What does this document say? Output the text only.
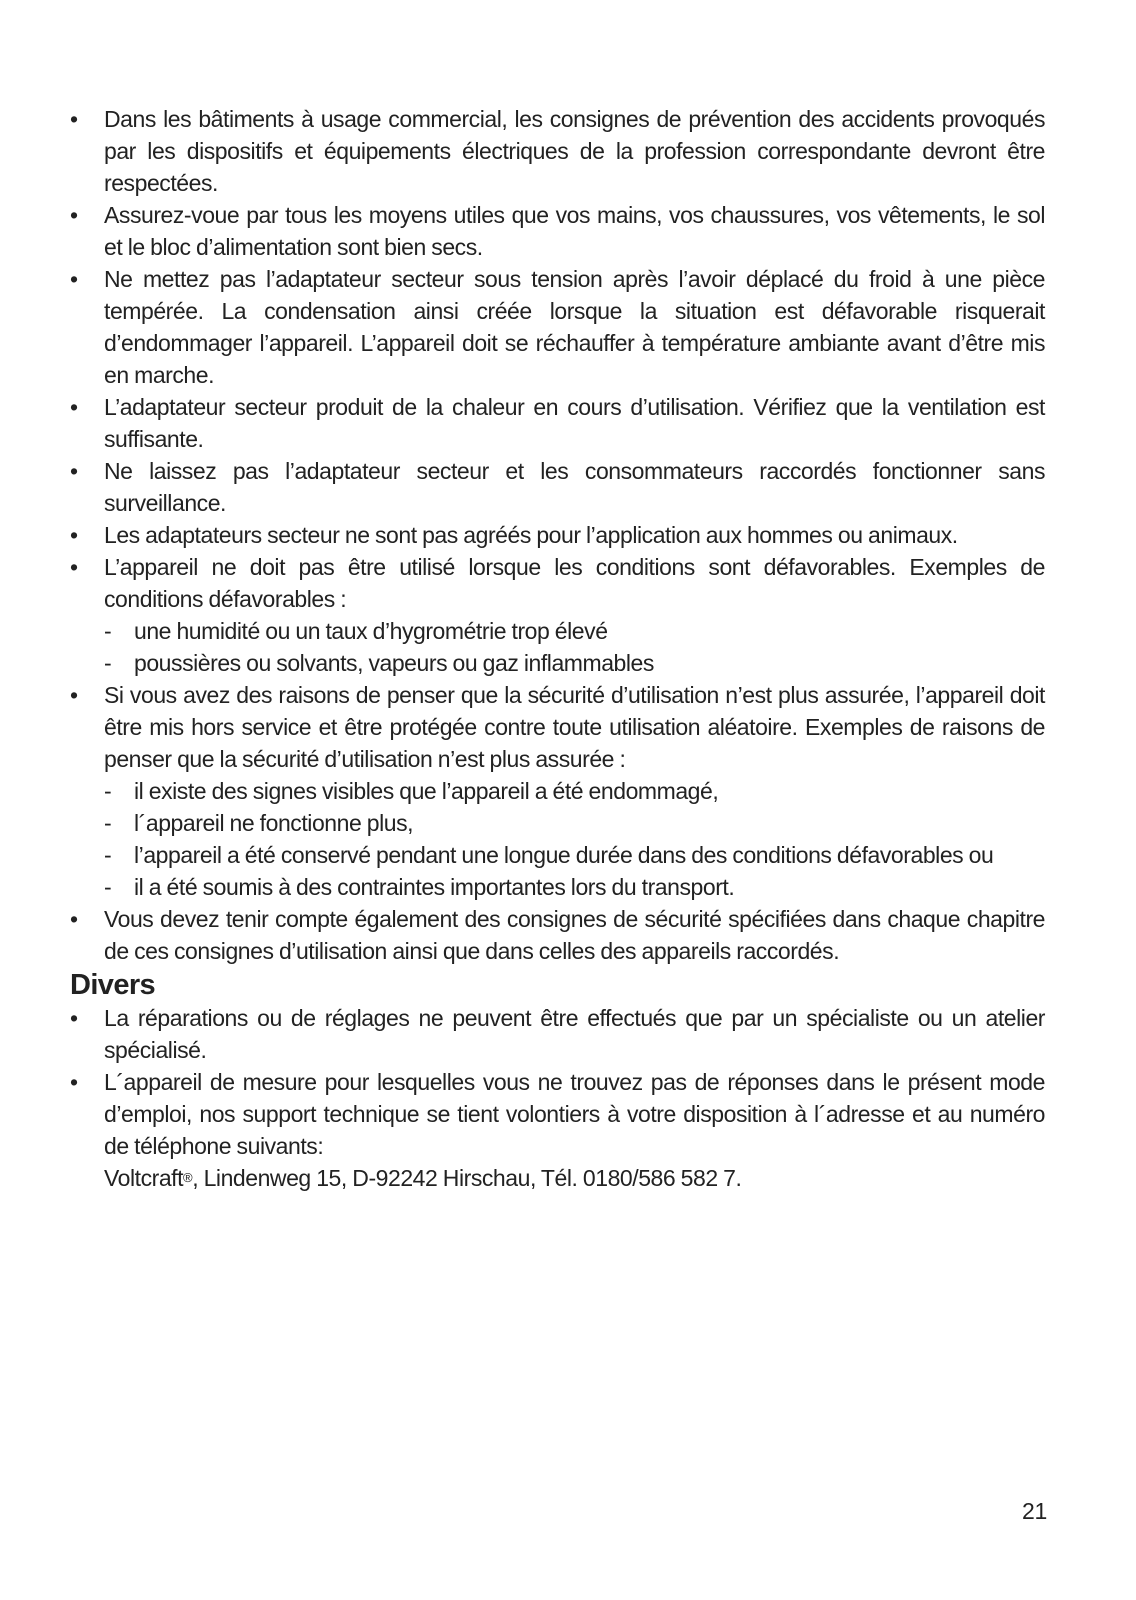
•	Dans les bâtiments à usage commercial, les consignes de prévention des accidents provoqués par les dispositifs et équipements électriques de la profession correspondante devront être respectées.
•	Assurez-voue par tous les moyens utiles que vos mains, vos chaussures, vos vêtements, le sol et le bloc d’alimentation sont bien secs.
•	Ne mettez pas l’adaptateur secteur sous tension après l’avoir déplacé du froid à une pièce tempérée. La condensation ainsi créée lorsque la situation est défavorable risquerait d’endommager l’appareil. L’appareil doit se réchauffer à température ambiante avant d’être mis en marche.
•	L’adaptateur secteur produit de la chaleur en cours d’utilisation. Vérifiez que la ventilation est suffisante.
•	Ne laissez pas l’adaptateur secteur et les consommateurs raccordés fonctionner sans surveillance.
•	Les adaptateurs secteur ne sont pas agréés pour l’application aux hommes ou animaux.
•	L’appareil ne doit pas être utilisé lorsque les conditions sont défavorables. Exemples de conditions défavorables :
- une humidité ou un taux d’hygrométrie trop élevé
- poussières ou solvants, vapeurs ou gaz inflammables
•	Si vous avez des raisons de penser que la sécurité d’utilisation n’est plus assurée, l’appareil doit être mis hors service et être protégée contre toute utilisation aléatoire. Exemples de raisons de penser que la sécurité d’utilisation n’est plus assurée :
- il existe des signes visibles que l’appareil a été endommagé,
- l´appareil ne fonctionne plus,
- l’appareil a été conservé pendant une longue durée dans des conditions défavorables ou
- il a été soumis à des contraintes importantes lors du transport.
•	Vous devez tenir compte également des consignes de sécurité spécifiées dans chaque chapitre de ces consignes d’utilisation ainsi que dans celles des appareils raccordés.
Divers
•	La réparations ou de réglages ne peuvent être effectués que par un spécialiste ou un atelier spécialisé.
•	L´appareil de mesure pour lesquelles vous ne trouvez pas de réponses dans le présent mode d’emploi, nos support technique se tient volontiers à votre disposition à l´adresse et au numéro de téléphone suivants:
Voltcraft®, Lindenweg 15, D-92242 Hirschau, Tél. 0180/586 582 7.
21
